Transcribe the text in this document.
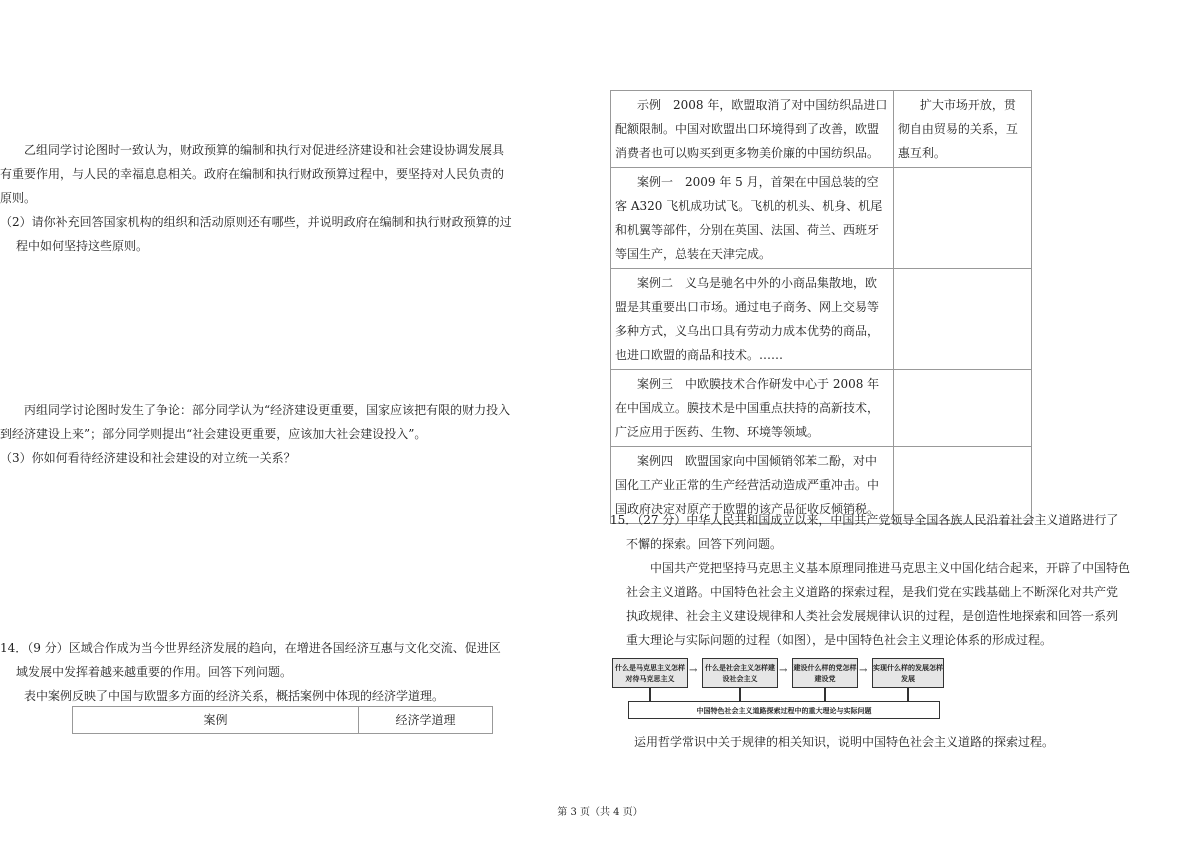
乙组同学讨论图时一致认为，财政预算的编制和执行对促进经济建设和社会建设协调发展具
有重要作用，与人民的幸福息息相关。政府在编制和执行财政预算过程中，要坚持对人民负责的
原则。
（2）请你补充回答国家机构的组织和活动原则还有哪些，并说明政府在编制和执行财政预算的过
程中如何坚持这些原则。
丙组同学讨论图时发生了争论：部分同学认为“经济建设更重要，国家应该把有限的财力投入
到经济建设上来”；部分同学则提出“社会建设更重要，应该加大社会建设投入”。
（3）你如何看待经济建设和社会建设的对立统一关系？
14．（9 分）区域合作成为当今世界经济发展的趋向，在增进各国经济互惠与文化交流、促进区
域发展中发挥着越来越重要的作用。回答下列问题。
表中案例反映了中国与欧盟多方面的经济关系，概括案例中体现的经济学道理。
案例	经济学道理
示例　2008 年，欧盟取消了对中国纺织品进口配额限制。中国对欧盟出口环境得到了改善，欧盟消费者也可以购买到更多物美价廉的中国纺织品。	扩大市场开放，贯彻自由贸易的关系，互惠互利。

案例一　2009 年 5 月，首架在中国总装的空客 A320 飞机成功试飞。飞机的机头、机身、机尾和机翼等部件，分别在英国、法国、荷兰、西班牙等国生产，总装在天津完成。	

案例二　义乌是驰名中外的小商品集散地，欧盟是其重要出口市场。通过电子商务、网上交易等多种方式，义乌出口具有劳动力成本优势的商品，也进口欧盟的商品和技术。……	

案例三　中欧膜技术合作研发中心于 2008 年在中国成立。膜技术是中国重点扶持的高新技术，广泛应用于医药、生物、环境等领域。	

案例四　欧盟国家向中国倾销邻苯二酚，对中国化工产业正常的生产经营活动造成严重冲击。中国政府决定对原产于欧盟的该产品征收反倾销税。	

15．（27 分）中华人民共和国成立以来，中国共产党领导全国各族人民沿着社会主义道路进行了
不懈的探索。回答下列问题。
中国共产党把坚持马克思主义基本原理同推进马克思主义中国化结合起来，开辟了中国特色
社会主义道路。中国特色社会主义道路的探索过程，是我们党在实践基础上不断深化对共产党
执政规律、社会主义建设规律和人类社会发展规律认识的过程，是创造性地探索和回答一系列
重大理论与实际问题的过程（如图），是中国特色社会主义理论体系的形成过程。
什么是马克思主义怎样对待马克思主义
→	什么是社会主义怎样建设社会主义
→ 建设什么样的党怎样建设党
→ 实现什么样的发展怎样发展
中国特色社会主义道路探索过程中的重大理论与实际问题
运用哲学常识中关于规律的相关知识，说明中国特色社会主义道路的探索过程。
第 3 页（共 4 页）
